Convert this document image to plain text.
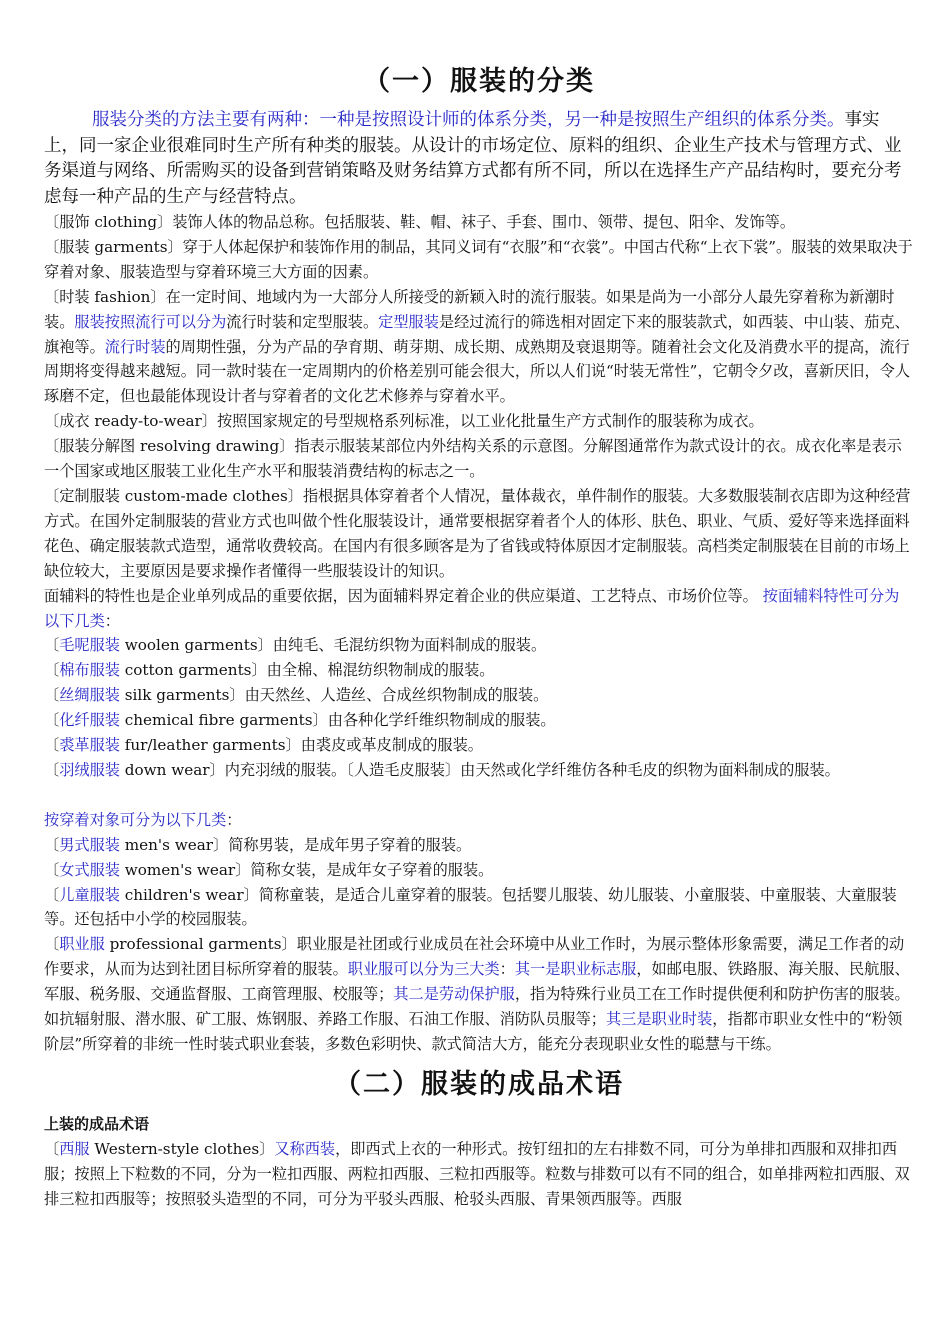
（一）服装的分类

服装分类的方法主要有两种：一种是按照设计师的体系分类，另一种是按照生产组织的体系分类。事实上，同一家企业很难同时生产所有种类的服装。从设计的市场定位、原料的组织、企业生产技术与管理方式、业务渠道与网络、所需购买的设备到营销策略及财务结算方式都有所不同，所以在选择生产产品结构时，要充分考虑每一种产品的生产与经营特点。

〔服饰 clothing〕装饰人体的物品总称。包括服装、鞋、帽、袜子、手套、围巾、领带、提包、阳伞、发饰等。

〔服装 garments〕穿于人体起保护和装饰作用的制品，其同义词有“衣服”和“衣裳”。中国古代称“上衣下裳”。服装的效果取决于穿着对象、服装造型与穿着环境三大方面的因素。

〔时装 fashion〕在一定时间、地域内为一大部分人所接受的新颖入时的流行服装。如果是尚为一小部分人最先穿着称为新潮时装。服装按照流行可以分为流行时装和定型服装。定型服装是经过流行的筛选相对固定下来的服装款式，如西装、中山装、茄克、旗袍等。流行时装的周期性强，分为产品的孕育期、萌芽期、成长期、成熟期及衰退期等。随着社会文化及消费水平的提高，流行周期将变得越来越短。同一款时装在一定周期内的价格差别可能会很大，所以人们说“时装无常性”，它朝令夕改，喜新厌旧，令人琢磨不定，但也最能体现设计者与穿着者的文化艺术修养与穿着水平。

〔成衣 ready-to-wear〕按照国家规定的号型规格系列标准，以工业化批量生产方式制作的服装称为成衣。

〔服装分解图 resolving drawing〕指表示服装某部位内外结构关系的示意图。分解图通常作为款式设计的衣。成衣化率是表示一个国家或地区服装工业化生产水平和服装消费结构的标志之一。

〔定制服装 custom-made clothes〕指根据具体穿着者个人情况，量体裁衣，单件制作的服装。大多数服装制衣店即为这种经营方式。在国外定制服装的营业方式也叫做个性化服装设计，通常要根据穿着者个人的体形、肤色、职业、气质、爱好等来选择面料花色、确定服装款式造型，通常收费较高。在国内有很多顾客是为了省钱或特体原因才定制服装。高档类定制服装在目前的市场上缺位较大，主要原因是要求操作者懂得一些服装设计的知识。

面辅料的特性也是企业单列成品的重要依据，因为面辅料界定着企业的供应渠道、工艺特点、市场价位等。 按面辅料特性可分为以下几类：

〔毛呢服装 woolen garments〕由纯毛、毛混纺织物为面料制成的服装。

〔棉布服装 cotton garments〕由全棉、棉混纺织物制成的服装。

〔丝绸服装 silk garments〕由天然丝、人造丝、合成丝织物制成的服装。

〔化纤服装 chemical fibre garments〕由各种化学纤维织物制成的服装。

〔裘革服装 fur/leather garments〕由裘皮或革皮制成的服装。

〔羽绒服装 down wear〕内充羽绒的服装。〔人造毛皮服装〕由天然或化学纤维仿各种毛皮的织物为面料制成的服装。

按穿着对象可分为以下几类：

〔男式服装 men's wear〕简称男装，是成年男子穿着的服装。

〔女式服装 women's wear〕简称女装，是成年女子穿着的服装。

〔儿童服装 children's wear〕简称童装，是适合儿童穿着的服装。包括婴儿服装、幼儿服装、小童服装、中童服装、大童服装等。还包括中小学的校园服装。

〔职业服 professional garments〕职业服是社团或行业成员在社会环境中从业工作时，为展示整体形象需要，满足工作者的动作要求，从而为达到社团目标所穿着的服装。职业服可以分为三大类：其一是职业标志服，如邮电服、铁路服、海关服、民航服、军服、税务服、交通监督服、工商管理服、校服等；其二是劳动保护服，指为特殊行业员工在工作时提供便利和防护伤害的服装。如抗辐射服、潜水服、矿工服、炼钢服、养路工作服、石油工作服、消防队员服等；其三是职业时装，指都市职业女性中的“粉领阶层”所穿着的非统一性时装式职业套装，多数色彩明快、款式简洁大方，能充分表现职业女性的聪慧与干练。

（二）服装的成品术语

上装的成品术语

〔西服 Western-style clothes〕又称西装，即西式上衣的一种形式。按钉纽扣的左右排数不同，可分为单排扣西服和双排扣西服；按照上下粒数的不同，分为一粒扣西服、两粒扣西服、三粒扣西服等。粒数与排数可以有不同的组合，如单排两粒扣西服、双排三粒扣西服等；按照驳头造型的不同，可分为平驳头西服、枪驳头西服、青果领西服等。西服
